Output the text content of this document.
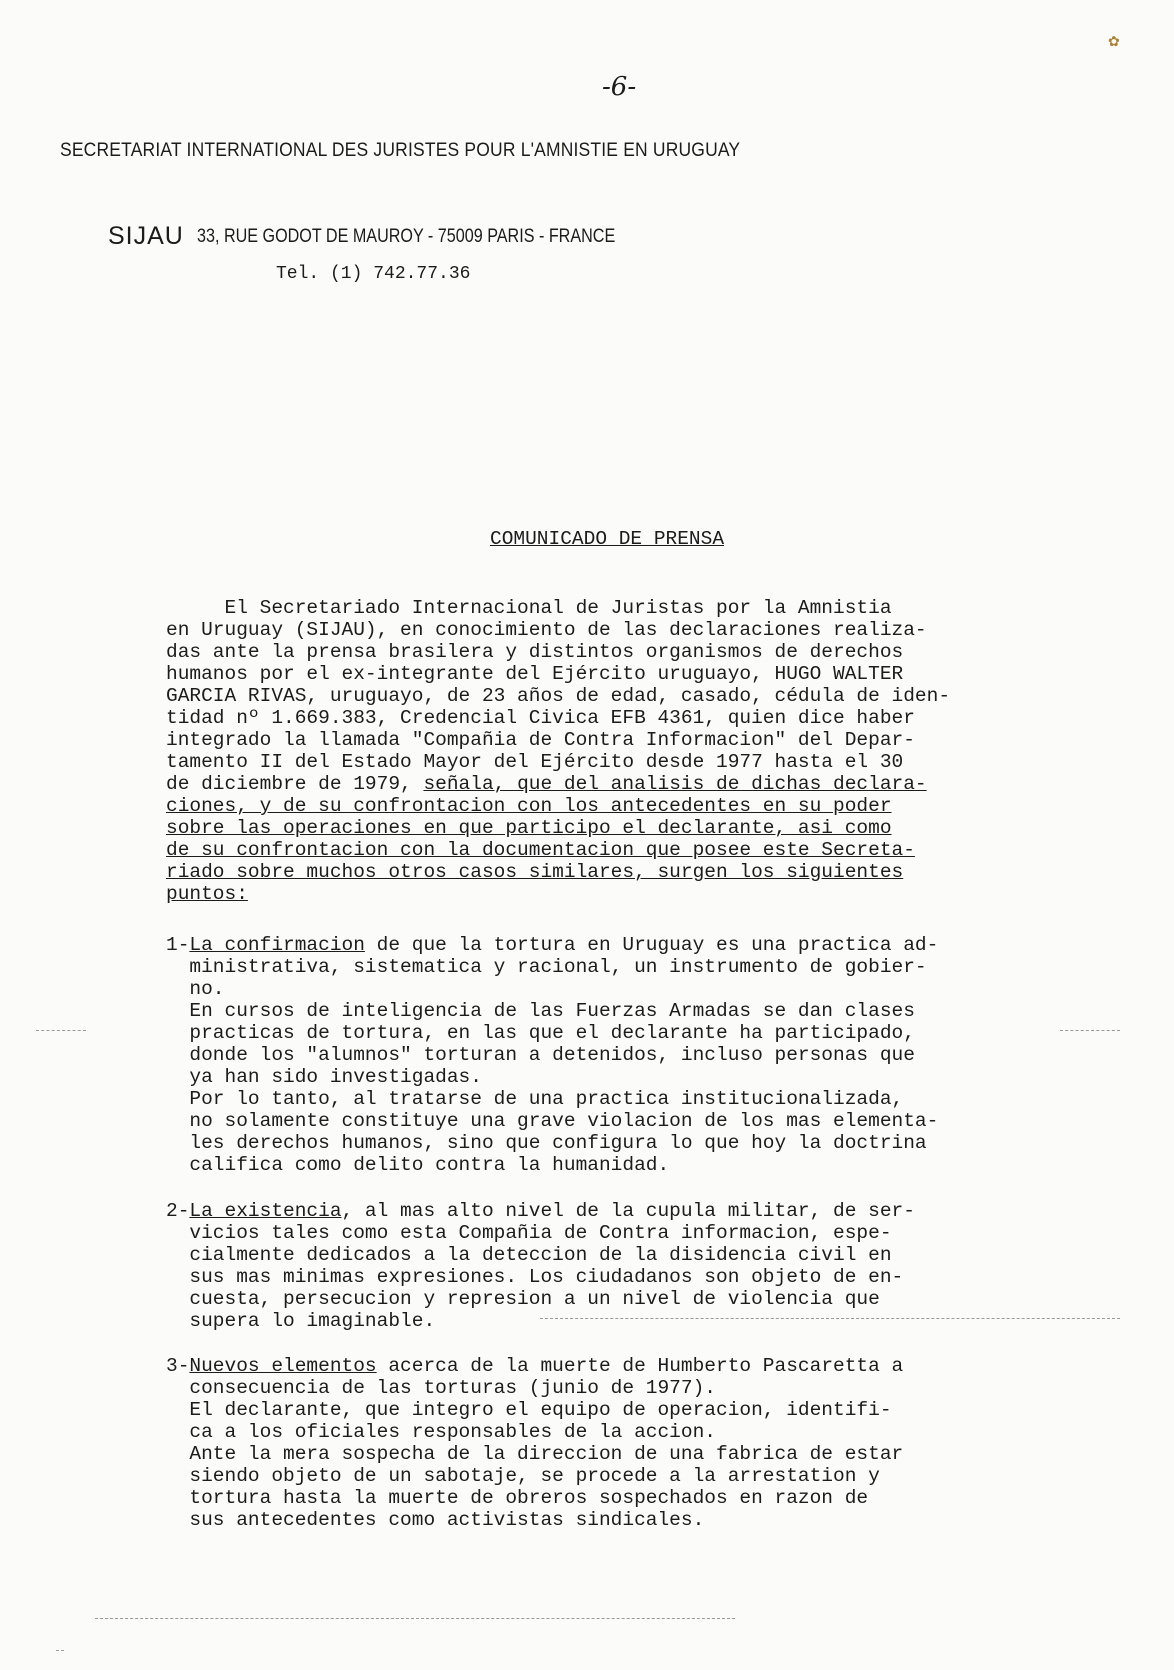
-6-
SECRETARIAT INTERNATIONAL DES JURISTES POUR L'AMNISTIE EN URUGUAY
SIJAU 33, RUE GODOT DE MAUROY - 75009 PARIS - FRANCE
Tel. (1) 742.77.36
COMUNICADO DE PRENSA
El Secretariado Internacional de Juristas por la Amnistia
en Uruguay (SIJAU), en conocimiento de las declaraciones realiza-
das ante la prensa brasilera y distintos organismos de derechos
humanos por el ex-integrante del Ejército uruguayo, HUGO WALTER
GARCIA RIVAS, uruguayo, de 23 años de edad, casado, cédula de iden-
tidad nº 1.669.383, Credencial Civica EFB 4361, quien dice haber
integrado la llamada "Compañia de Contra Informacion" del Depar-
tamento II del Estado Mayor del Ejército desde 1977 hasta el 30
de diciembre de 1979, señala, que del analisis de dichas declara-
ciones, y de su confrontacion con los antecedentes en su poder
sobre las operaciones en que participo el declarante, asi como
de su confrontacion con la documentacion que posee este Secreta-
riado sobre muchos otros casos similares, surgen los siguientes
puntos:
1-La confirmacion de que la tortura en Uruguay es una practica ad-
ministrativa, sistematica y racional, un instrumento de gobier-
no.
En cursos de inteligencia de las Fuerzas Armadas se dan clases
practicas de tortura, en las que el declarante ha participado,
donde los "alumnos" torturan a detenidos, incluso personas que
ya han sido investigadas.
Por lo tanto, al tratarse de una practica institucionalizada,
no solamente constituye una grave violacion de los mas elementa-
les derechos humanos, sino que configura lo que hoy la doctrina
califica como delito contra la humanidad.
2-La existencia, al mas alto nivel de la cupula militar, de ser-
vicios tales como esta Compañia de Contra informacion, espe-
cialmente dedicados a la deteccion de la disidencia civil en
sus mas minimas expresiones. Los ciudadanos son objeto de en-
cuesta, persecucion y represion a un nivel de violencia que
supera lo imaginable.
3-Nuevos elementos acerca de la muerte de Humberto Pascaretta a
consecuencia de las torturas (junio de 1977).
El declarante, que integro el equipo de operacion, identifi-
ca a los oficiales responsables de la accion.
Ante la mera sospecha de la direccion de una fabrica de estar
siendo objeto de un sabotaje, se procede a la arrestation y
tortura hasta la muerte de obreros sospechados en razon de
sus antecedentes como activistas sindicales.
✿
